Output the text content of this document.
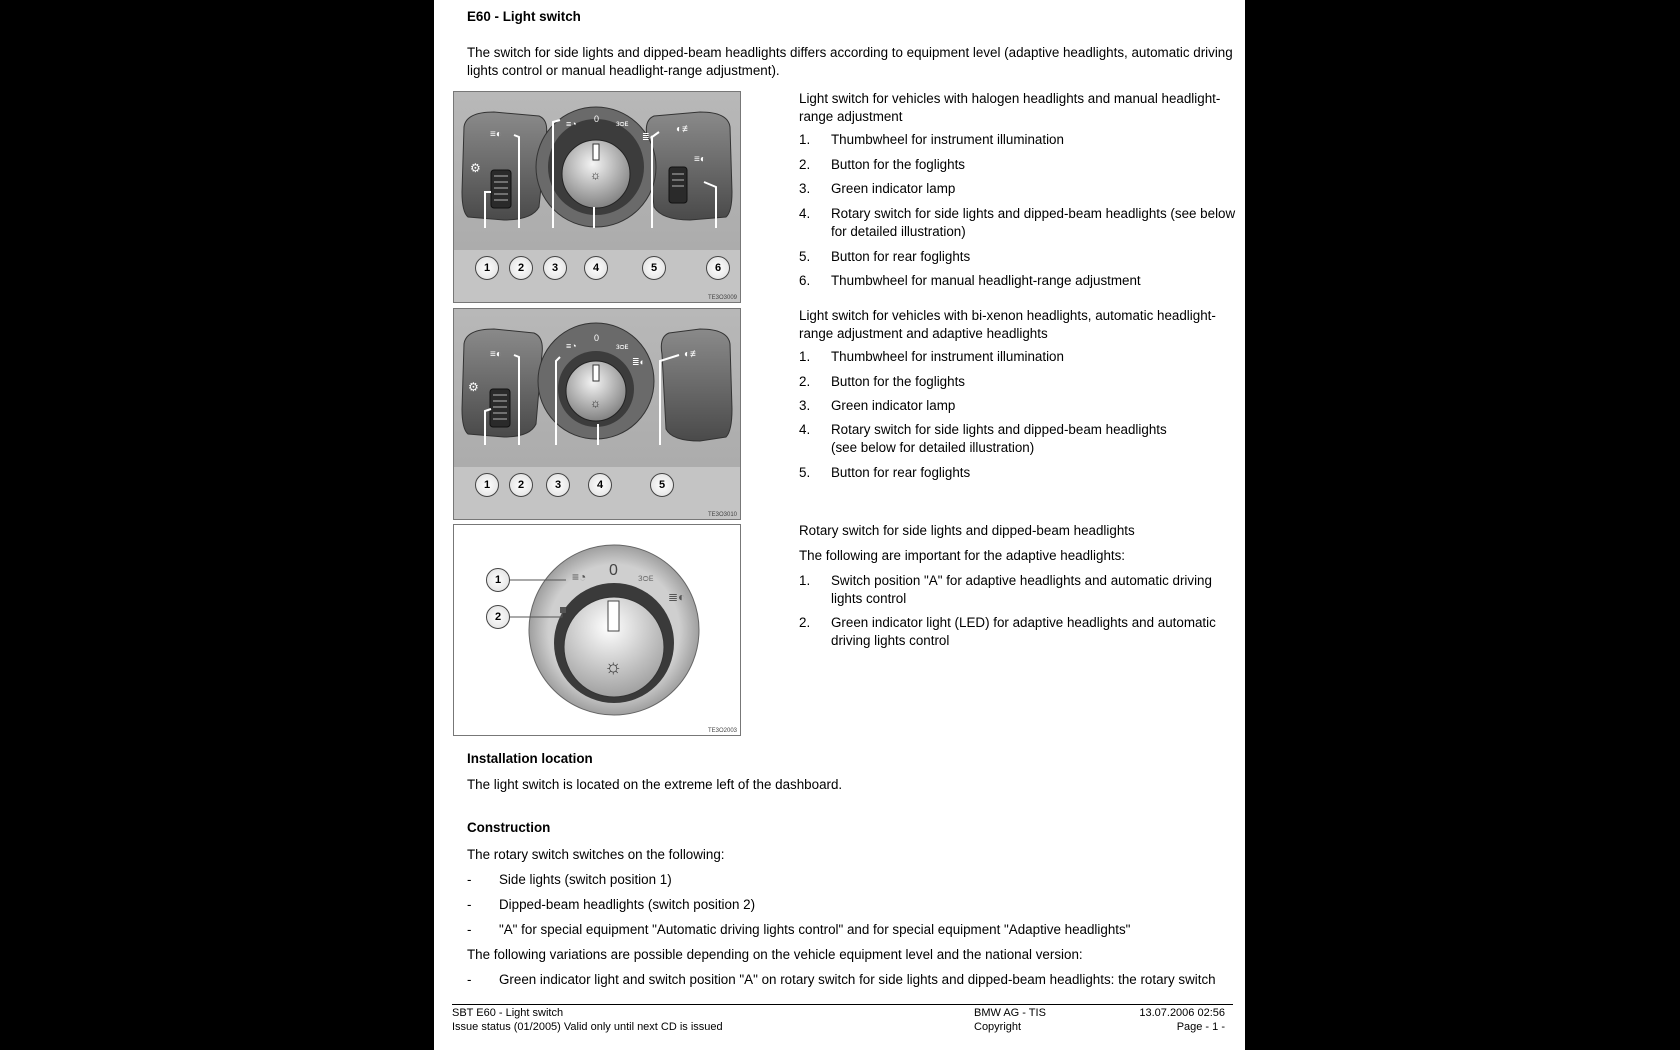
E60 - Light switch
The switch for side lights and dipped-beam headlights differs according to equipment level (adaptive headlights, automatic driving
lights control or manual headlight-range adjustment).
0
≡◔	ᴈᴑᴇ
≣◐
≡◐	◐≢
⚙	☼
≡◐
1	2	3	4	5	6
TE3O3009
0
≡◔	ᴈᴑᴇ
≣◐
≡◐	◐≢
⚙
☼
1	2	3	4	5
TE3O3010
☼
≡◔	ᴈᴑᴇ
≣◐
0
1
2
TE3O2003
Light switch for vehicles with halogen headlights and manual headlight-
range adjustment
1. Thumbwheel for instrument illumination
2. Button for the foglights
3. Green indicator lamp
4. Rotary switch for side lights and dipped-beam headlights (see below
for detailed illustration)
5. Button for rear foglights
6. Thumbwheel for manual headlight-range adjustment
Light switch for vehicles with bi-xenon headlights, automatic headlight-
range adjustment and adaptive headlights
1. Thumbwheel for instrument illumination
2. Button for the foglights
3. Green indicator lamp
4. Rotary switch for side lights and dipped-beam headlights
(see below for detailed illustration)
5. Button for rear foglights
Rotary switch for side lights and dipped-beam headlights
The following are important for the adaptive headlights:
1. Switch position "A" for adaptive headlights and automatic driving
lights control
2. Green indicator light (LED) for adaptive headlights and automatic
driving lights control
Installation location
The light switch is located on the extreme left of the dashboard.
Construction
The rotary switch switches on the following:
- Side lights (switch position 1)
- Dipped-beam headlights (switch position 2)
- "A" for special equipment "Automatic driving lights control" and for special equipment "Adaptive headlights"
The following variations are possible depending on the vehicle equipment level and the national version:
- Green indicator light and switch position "A" on rotary switch for side lights and dipped-beam headlights: the rotary switch
SBT E60 - Light switch
Issue status (01/2005) Valid only until next CD is issued
BMW AG - TIS
Copyright
13.07.2006 02:56
Page - 1 -
